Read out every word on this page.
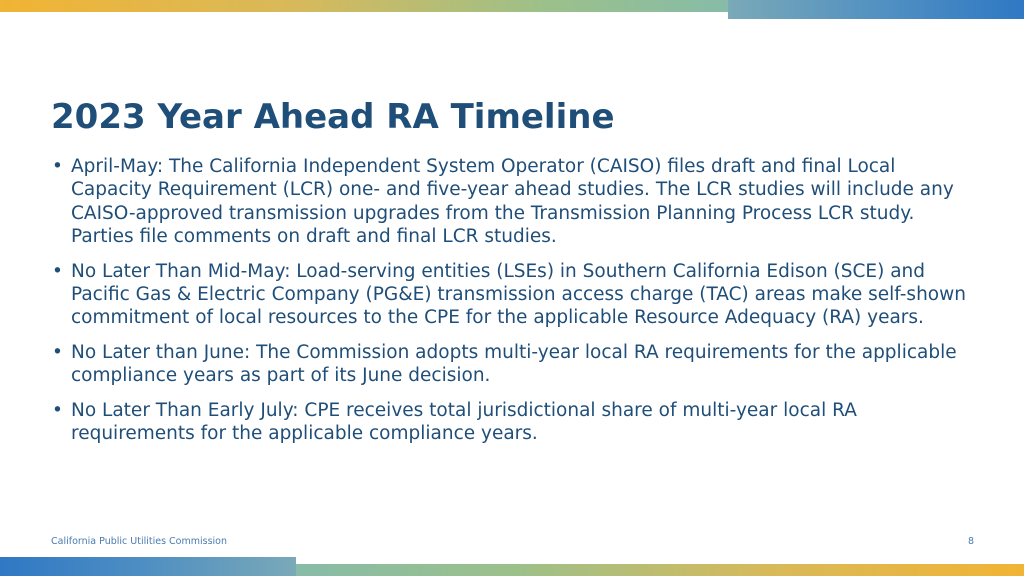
2023 Year Ahead RA Timeline
• April-May: The California Independent System Operator (CAISO) files draft and final Local Capacity Requirement (LCR) one- and five-year ahead studies. The LCR studies will include any CAISO-approved transmission upgrades from the Transmission Planning Process LCR study. Parties file comments on draft and final LCR studies.
• No Later Than Mid-May: Load-serving entities (LSEs) in Southern California Edison (SCE) and Pacific Gas & Electric Company (PG&E) transmission access charge (TAC) areas make self-shown commitment of local resources to the CPE for the applicable Resource Adequacy (RA) years.
• No Later than June: The Commission adopts multi-year local RA requirements for the applicable compliance years as part of its June decision.
• No Later Than Early July: CPE receives total jurisdictional share of multi-year local RA requirements for the applicable compliance years.
California Public Utilities Commission	8
